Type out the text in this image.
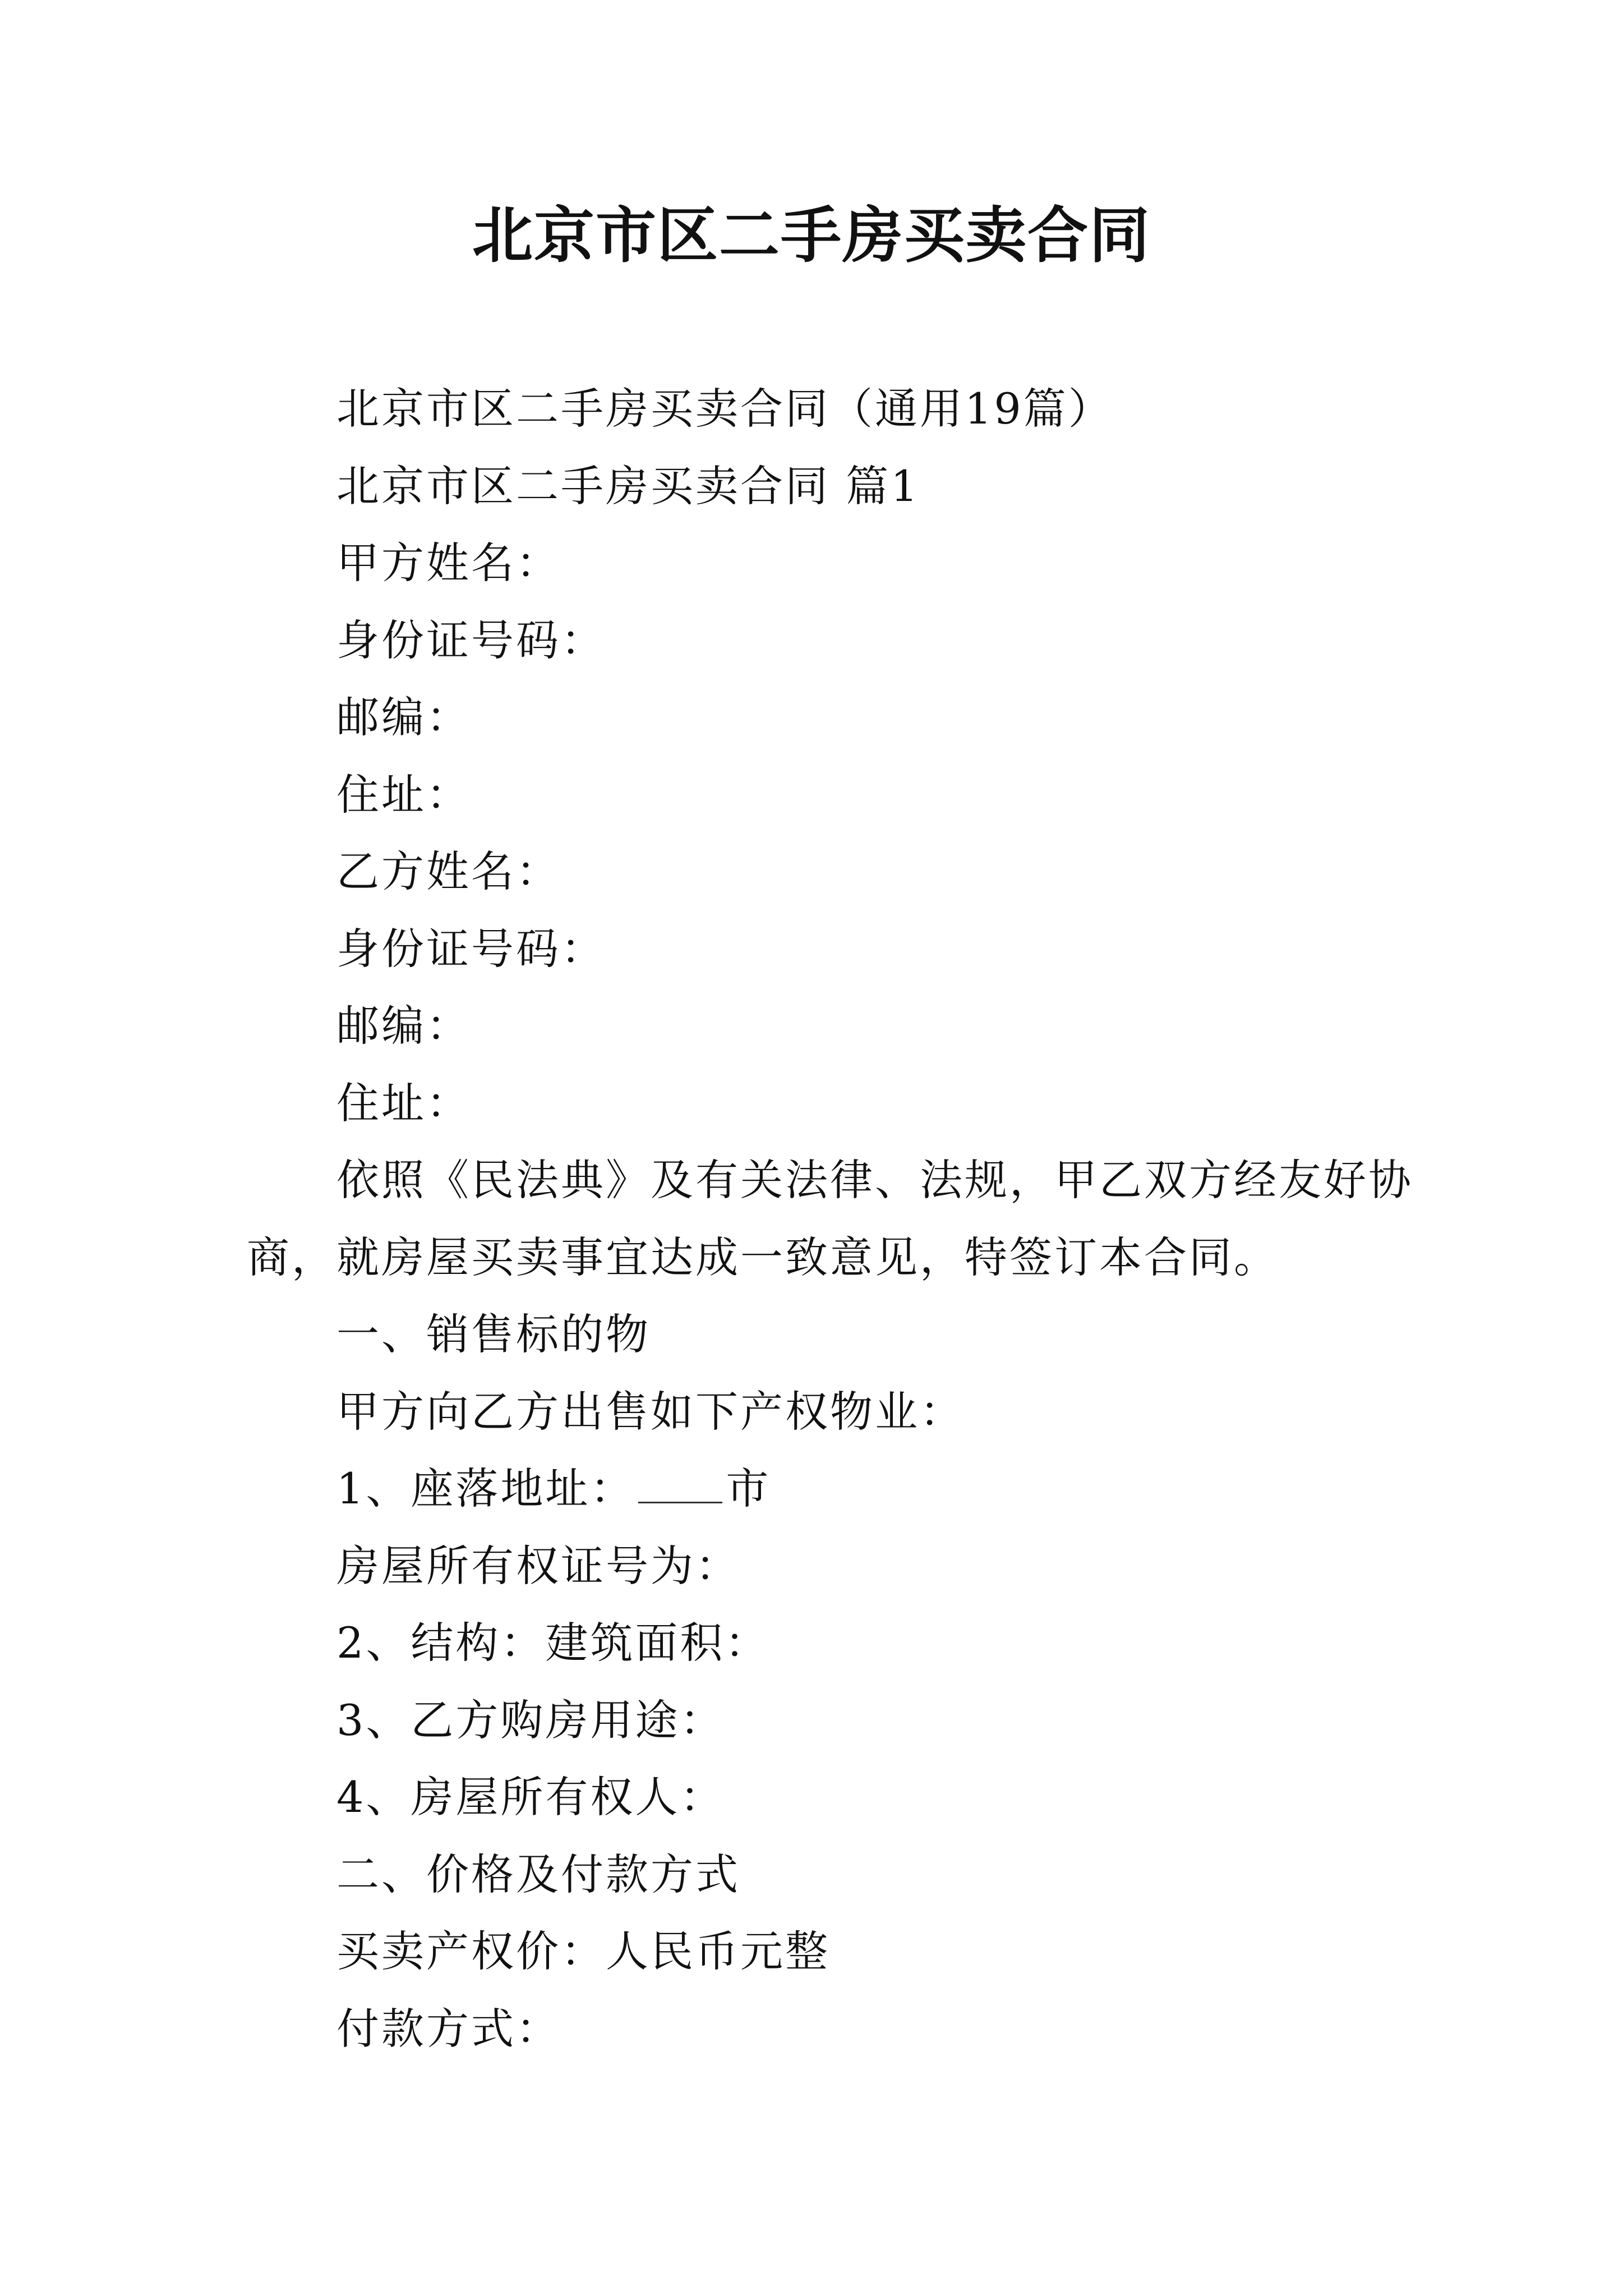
北京市区二手房买卖合同

北京市区二手房买卖合同（通用19篇）

北京市区二手房买卖合同 篇1

甲方姓名：

身份证号码：

邮编：

住址：

乙方姓名：

身份证号码：

邮编：

住址：

依照《民法典》及有关法律、法规，甲乙双方经友好协

商，就房屋买卖事宜达成一致意见，特签订本合同。

一、销售标的物

甲方向乙方出售如下产权物业：

1、座落地址： 市

房屋所有权证号为：

2、结构：建筑面积：

3、乙方购房用途：

4、房屋所有权人：

二、价格及付款方式

买卖产权价：人民币元整

付款方式：
